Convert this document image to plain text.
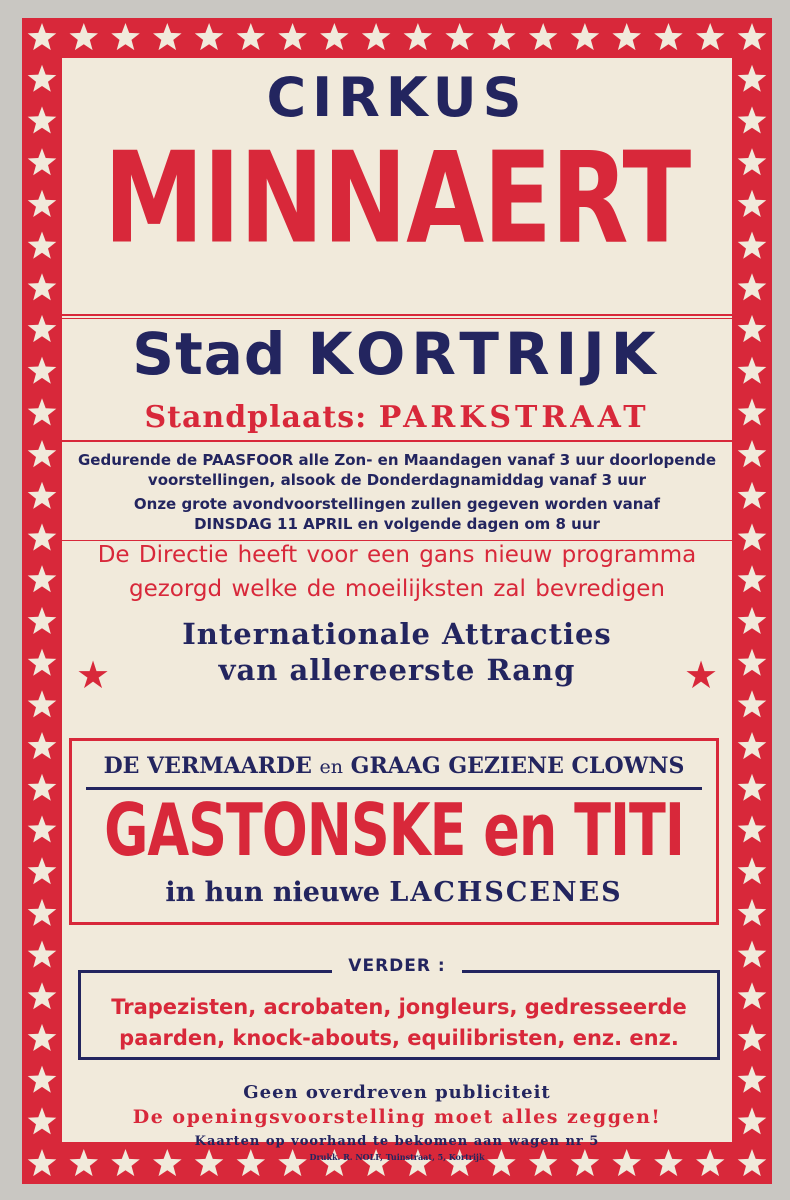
CIRKUS
MINNAERT
Stad KORTRIJK
Standplaats: PARKSTRAAT
Gedurende de PAASFOOR alle Zon- en Maandagen vanaf 3 uur doorlopende
voorstellingen, alsook de Donderdagnamiddag vanaf 3 uur
Onze grote avondvoorstellingen zullen gegeven worden vanaf
DINSDAG 11 APRIL en volgende dagen om 8 uur
De Directie heeft voor een gans nieuw programma
gezorgd welke de moeilijksten zal bevredigen
Internationale Attracties
van allereerste Rang
★	★
DE VERMAARDE en GRAAG GEZIENE CLOWNS
GASTONSKE en TITI
in hun nieuwe LACHSCENES
VERDER :
Trapezisten, acrobaten, jongleurs, gedresseerde
paarden, knock-abouts, equilibristen, enz. enz.
Geen overdreven publiciteit
De openingsvoorstelling moet alles zeggen!
Kaarten op voorhand te bekomen aan wagen nr 5
Drukk. R. NOLF, Tuinstraat, 5, Kortrijk
